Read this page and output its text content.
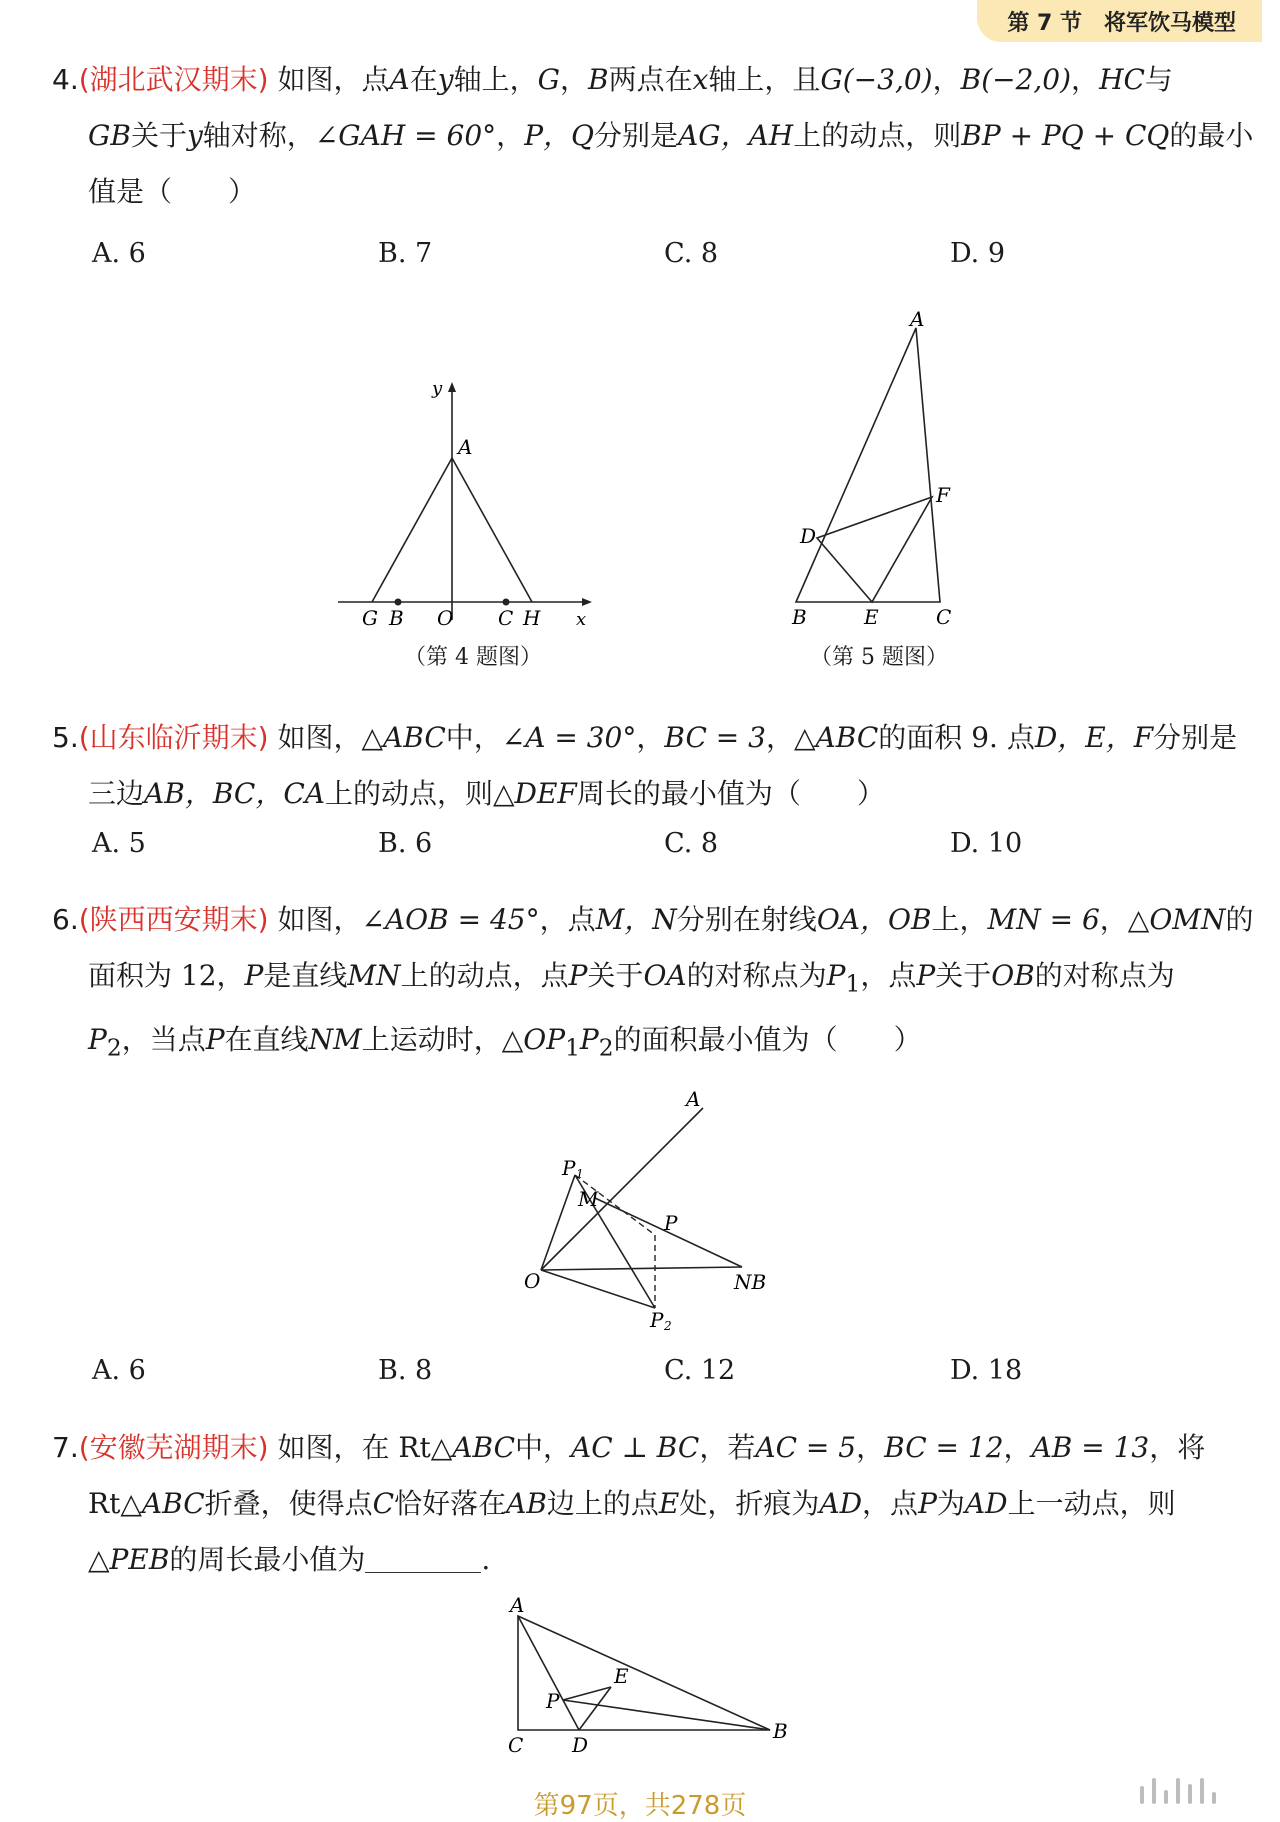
第 7 节 将军饮马模型
4.(湖北武汉期末) 如图，点A在y轴上，G，B两点在x轴上，且G(−3,0)，B(−2,0)，HC与
GB关于y轴对称，∠GAH = 60°，P，Q分别是AG，AH上的动点，则BP + PQ + CQ的最小
值是（　　）
A. 6	B. 7	C. 8	D. 9
A
y
G B O C H x
（第 4 题图）
A
B	C
D
E
F
（第 5 题图）
5.(山东临沂期末) 如图，△ABC中，∠A = 30°，BC = 3，△ABC的面积 9. 点D，E，F分别是
三边AB，BC，CA上的动点，则△DEF周长的最小值为（　　）
A. 5	B. 6	C. 8	D. 10
6.(陕西西安期末) 如图，∠AOB = 45°，点M，N分别在射线OA，OB上，MN = 6，△OMN的
面积为 12，P是直线MN上的动点，点P关于OA的对称点为$P_1$，点P关于OB的对称点为
$P_2$，当点P在直线NM上运动时，$\triangle OP_1P_2$的面积最小值为（　　）
A
P 1
M
P
O	NB
P 2
A. 6	B. 8	C. 12	D. 18
7.(安徽芜湖期末) 如图，在 Rt△ABC中，AC ⊥ BC，若AC = 5，BC = 12，AB = 13，将
Rt△ABC折叠，使得点C恰好落在AB边上的点E处，折痕为AD，点P为AD上一动点，则
△PEB的周长最小值为	.
A
E
P
C D
B
第97页，共278页
